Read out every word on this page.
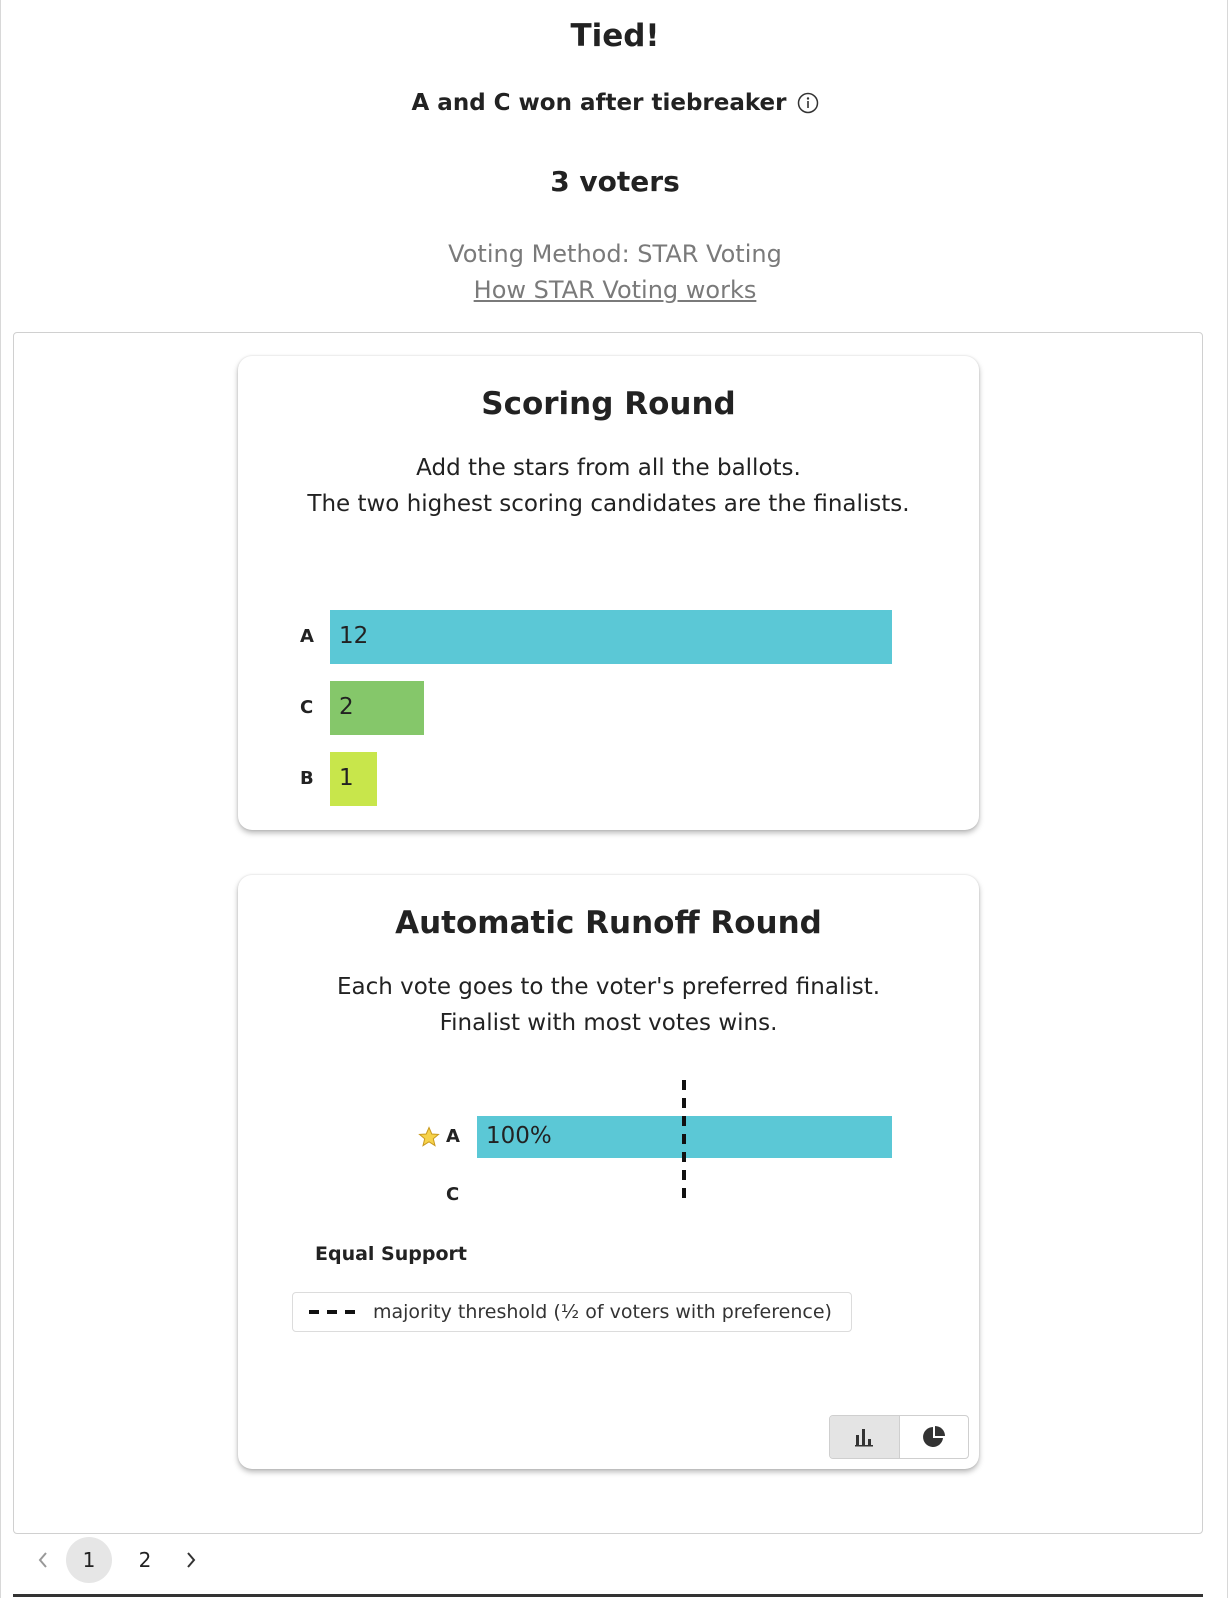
Tied!
A and C won after tiebreaker
3 voters
Voting Method: STAR Voting
How STAR Voting works
Scoring Round
Add the stars from all the ballots.
The two highest scoring candidates are the finalists.
A 12
C 2
B 1
Automatic Runoff Round
Each vote goes to the voter's preferred finalist.
Finalist with most votes wins.
A 100%
C
Equal Support
majority threshold (½ of voters with preference)
1	2
